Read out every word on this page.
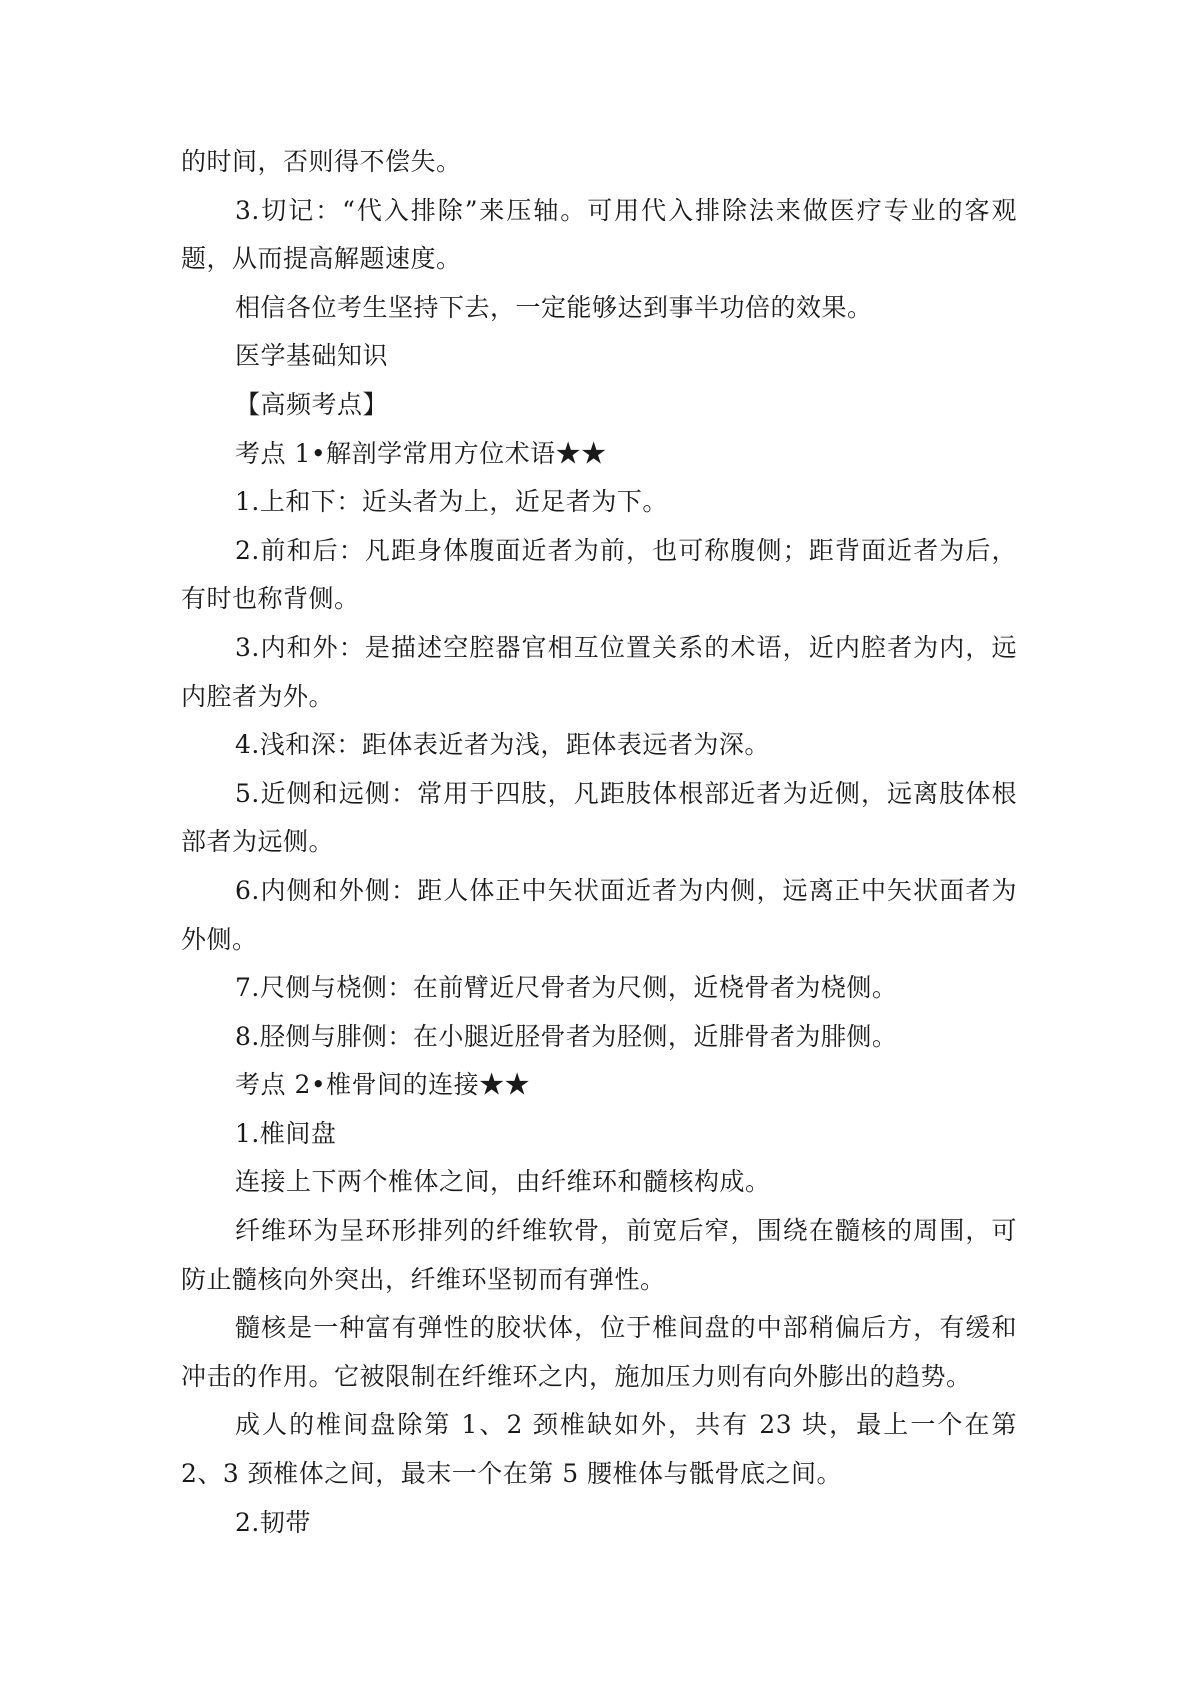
的时间，否则得不偿失。

3.切记：“代入排除”来压轴。可用代入排除法来做医疗专业的客观题，从而提高解题速度。

相信各位考生坚持下去，一定能够达到事半功倍的效果。

医学基础知识

【高频考点】

考点 1•解剖学常用方位术语★★

1.上和下：近头者为上，近足者为下。

2.前和后：凡距身体腹面近者为前，也可称腹侧；距背面近者为后，有时也称背侧。

3.内和外：是描述空腔器官相互位置关系的术语，近内腔者为内，远内腔者为外。

4.浅和深：距体表近者为浅，距体表远者为深。

5.近侧和远侧：常用于四肢，凡距肢体根部近者为近侧，远离肢体根部者为远侧。

6.内侧和外侧：距人体正中矢状面近者为内侧，远离正中矢状面者为外侧。

7.尺侧与桡侧：在前臂近尺骨者为尺侧，近桡骨者为桡侧。

8.胫侧与腓侧：在小腿近胫骨者为胫侧，近腓骨者为腓侧。

考点 2•椎骨间的连接★★

1.椎间盘

连接上下两个椎体之间，由纤维环和髓核构成。

纤维环为呈环形排列的纤维软骨，前宽后窄，围绕在髓核的周围，可防止髓核向外突出，纤维环坚韧而有弹性。

髓核是一种富有弹性的胶状体，位于椎间盘的中部稍偏后方，有缓和冲击的作用。它被限制在纤维环之内，施加压力则有向外膨出的趋势。

成人的椎间盘除第 1、2 颈椎缺如外，共有 23 块，最上一个在第 2、3 颈椎体之间，最末一个在第 5 腰椎体与骶骨底之间。

2.韧带
